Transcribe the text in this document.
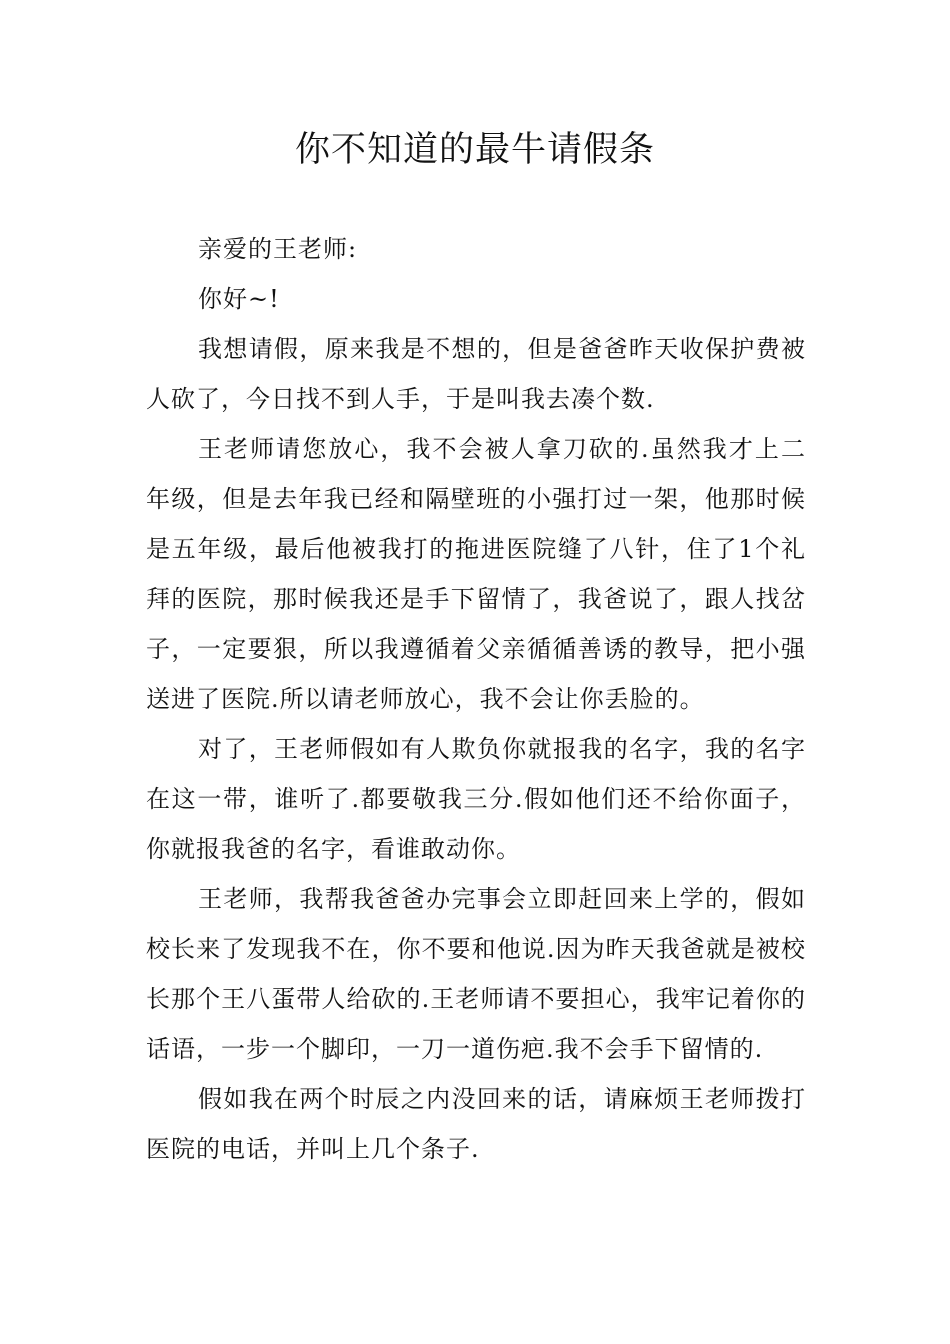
你不知道的最牛请假条

亲爱的王老师:

你好~!

我想请假，原来我是不想的，但是爸爸昨天收保护费被人砍了，今日找不到人手，于是叫我去凑个数.

王老师请您放心，我不会被人拿刀砍的.虽然我才上二年级，但是去年我已经和隔壁班的小强打过一架，他那时候是五年级，最后他被我打的拖进医院缝了八针，住了1个礼拜的医院，那时候我还是手下留情了，我爸说了，跟人找岔子，一定要狠，所以我遵循着父亲循循善诱的教导，把小强送进了医院.所以请老师放心，我不会让你丢脸的。

对了，王老师假如有人欺负你就报我的名字，我的名字在这一带，谁听了.都要敬我三分.假如他们还不给你面子，你就报我爸的名字，看谁敢动你。

王老师，我帮我爸爸办完事会立即赶回来上学的，假如校长来了发现我不在，你不要和他说.因为昨天我爸就是被校长那个王八蛋带人给砍的.王老师请不要担心，我牢记着你的话语，一步一个脚印，一刀一道伤疤.我不会手下留情的.

假如我在两个时辰之内没回来的话，请麻烦王老师拨打医院的电话，并叫上几个条子.
